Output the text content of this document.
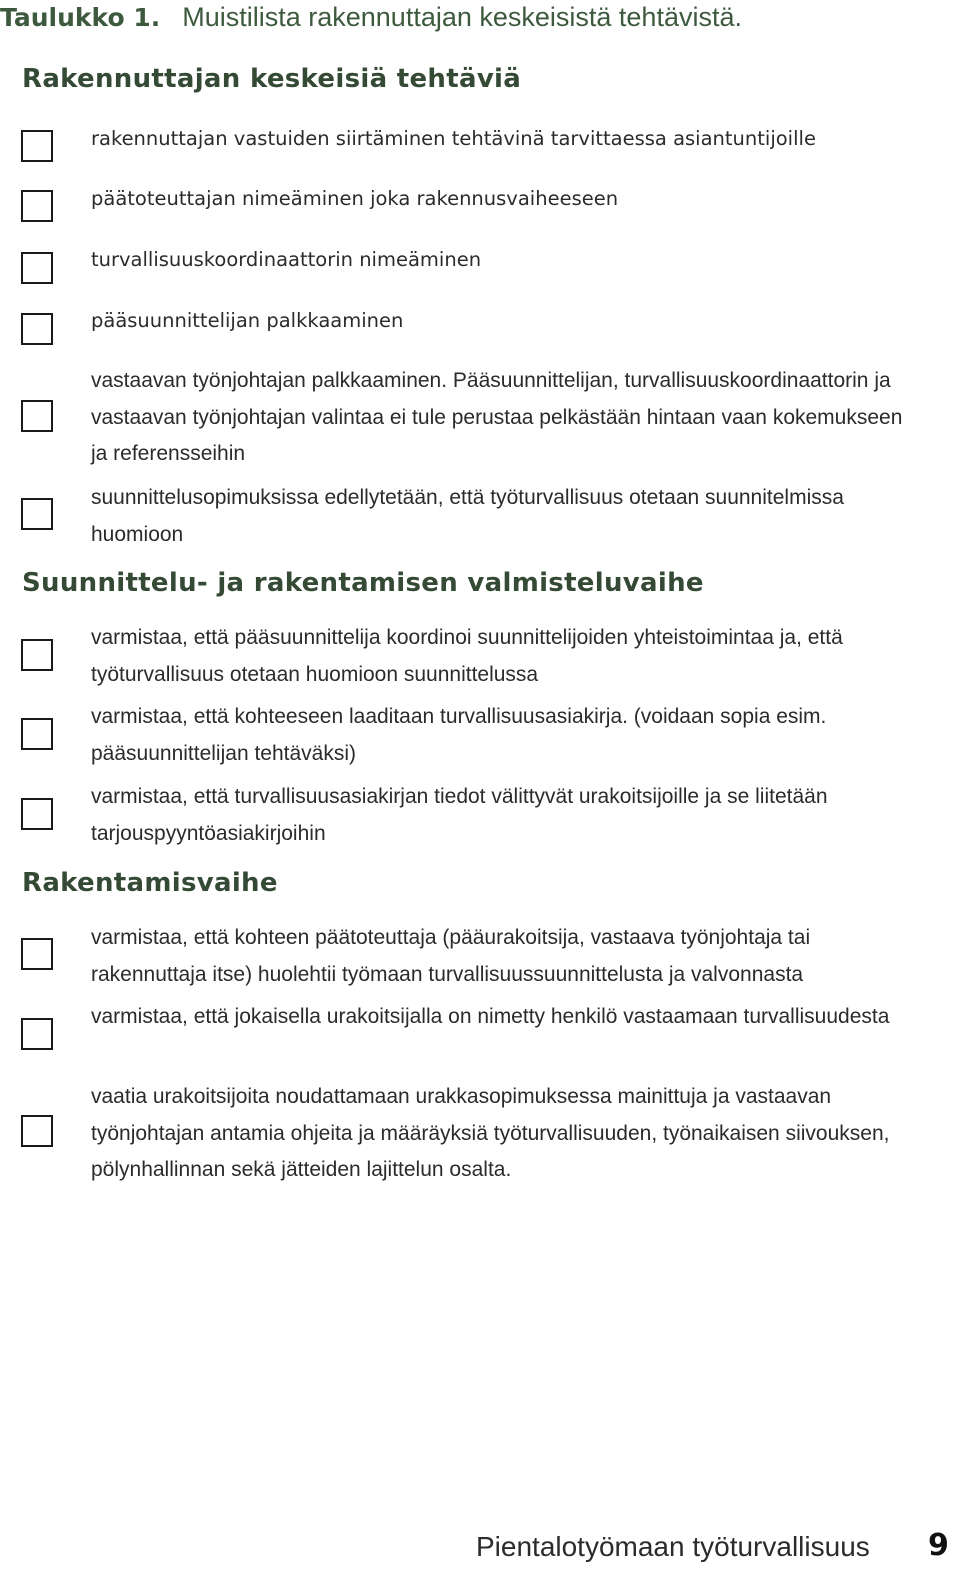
Taulukko 1. Muistilista rakennuttajan keskeisistä tehtävistä.
Rakennuttajan keskeisiä tehtäviä
rakennuttajan vastuiden siirtäminen tehtävinä tarvittaessa asiantuntijoille
päätoteuttajan nimeäminen joka rakennusvaiheeseen
turvallisuuskoordinaattorin nimeäminen
pääsuunnittelijan palkkaaminen
vastaavan työnjohtajan palkkaaminen. Pääsuunnittelijan, turvallisuuskoordinaattorin ja vastaavan työnjohtajan valintaa ei tule perustaa pelkästään hintaan vaan kokemukseen ja referensseihin
suunnittelusopimuksissa edellytetään, että työturvallisuus otetaan suunnitelmissa huomioon
Suunnittelu- ja rakentamisen valmisteluvaihe
varmistaa, että pääsuunnittelija koordinoi suunnittelijoiden yhteistoimintaa ja, että työturvallisuus otetaan huomioon suunnittelussa
varmistaa, että kohteeseen laaditaan turvallisuusasiakirja. (voidaan sopia esim. pääsuunnittelijan tehtäväksi)
varmistaa, että turvallisuusasiakirjan tiedot välittyvät urakoitsijoille ja se liitetään tarjouspyyntöasiakirjoihin
Rakentamisvaihe
varmistaa, että kohteen päätoteuttaja (pääurakoitsija, vastaava työnjohtaja tai rakennuttaja itse) huolehtii työmaan turvallisuussuunnittelusta ja valvonnasta
varmistaa, että jokaisella urakoitsijalla on nimetty henkilö vastaamaan turvallisuudesta
vaatia urakoitsijoita noudattamaan urakkasopimuksessa mainittuja ja vastaavan työnjohtajan antamia ohjeita ja määräyksiä työturvallisuuden, työnaikaisen siivouksen, pölynhallinnan sekä jätteiden lajittelun osalta.
Pientalotyömaan työturvallisuus 9
